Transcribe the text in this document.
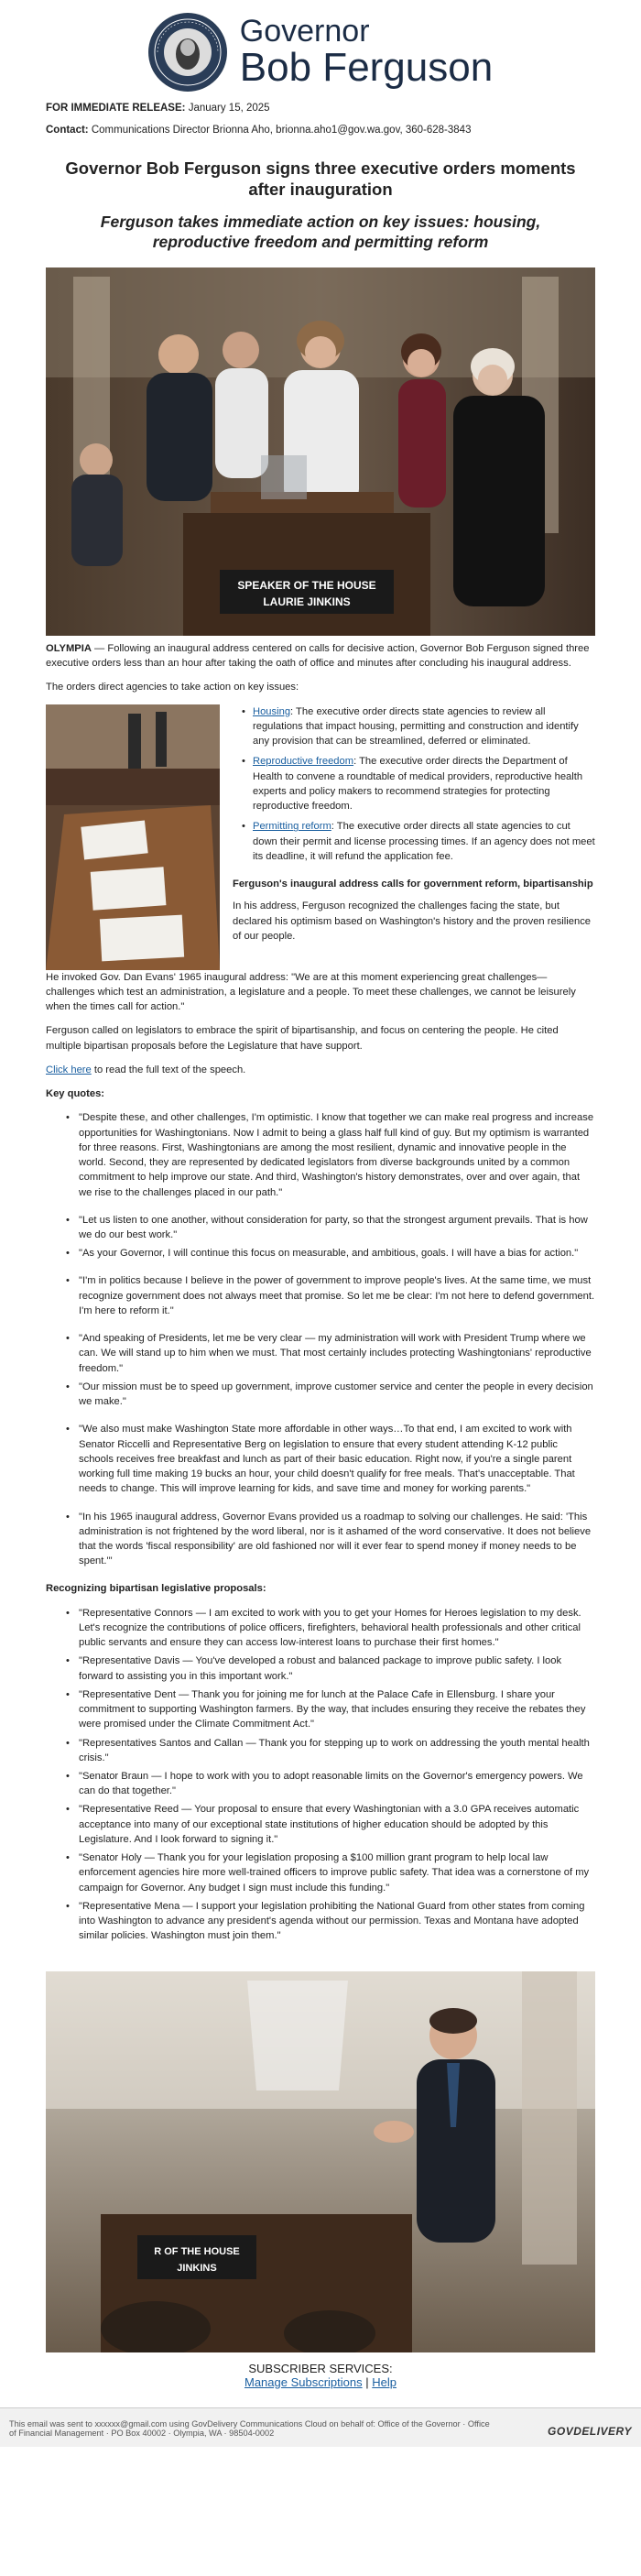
Governor
Bob Ferguson
FOR IMMEDIATE RELEASE: January 15, 2025
Contact: Communications Director Brionna Aho, brionna.aho1@gov.wa.gov, 360-628-3843
Governor Bob Ferguson signs three executive orders moments after inauguration
Ferguson takes immediate action on key issues: housing, reproductive freedom and permitting reform
SPEAKER OF THE HOUSE
LAURIE JINKINS

OLYMPIA — Following an inaugural address centered on calls for decisive action, Governor Bob Ferguson signed three executive orders less than an hour after taking the oath of office and minutes after concluding his inaugural address.

The orders direct agencies to take action on key issues:

• Housing: The executive order directs state agencies to review all regulations that impact housing, permitting and construction and identify any provision that can be streamlined, deferred or eliminated.
• Reproductive freedom: The executive order directs the Department of Health to convene a roundtable of medical providers, reproductive health experts and policy makers to recommend strategies for protecting reproductive freedom.
• Permitting reform: The executive order directs all state agencies to cut down their permit and license processing times. If an agency does not meet its deadline, it will refund the application fee.

Ferguson's inaugural address calls for government reform, bipartisanship

In his address, Ferguson recognized the challenges facing the state, but declared his optimism based on Washington's history and the proven resilience of our people.

He invoked Gov. Dan Evans' 1965 inaugural address: "We are at this moment experiencing great challenges—challenges which test an administration, a legislature and a people. To meet these challenges, we cannot be leisurely when the times call for action."

Ferguson called on legislators to embrace the spirit of bipartisanship, and focus on centering the people. He cited multiple bipartisan proposals before the Legislature that have support.

Click here to read the full text of the speech.

Key quotes:

• "Despite these, and other challenges, I'm optimistic. I know that together we can make real progress and increase opportunities for Washingtonians. Now I admit to being a glass half full kind of guy. But my optimism is warranted for three reasons. First, Washingtonians are among the most resilient, dynamic and innovative people in the world. Second, they are represented by dedicated legislators from diverse backgrounds united by a common commitment to help improve our state. And third, Washington's history demonstrates, over and over again, that we rise to the challenges placed in our path."

• "Let us listen to one another, without consideration for party, so that the strongest argument prevails. That is how we do our best work."

• "As your Governor, I will continue this focus on measurable, and ambitious, goals. I will have a bias for action."

• "I'm in politics because I believe in the power of government to improve people's lives. At the same time, we must recognize government does not always meet that promise. So let me be clear: I'm not here to defend government. I'm here to reform it."

• "And speaking of Presidents, let me be very clear — my administration will work with President Trump where we can. We will stand up to him when we must. That most certainly includes protecting Washingtonians' reproductive freedom."

• "Our mission must be to speed up government, improve customer service and center the people in every decision we make."

• "We also must make Washington State more affordable in other ways…To that end, I am excited to work with Senator Riccelli and Representative Berg on legislation to ensure that every student attending K-12 public schools receives free breakfast and lunch as part of their basic education. Right now, if you're a single parent working full time making 19 bucks an hour, your child doesn't qualify for free meals. That's unacceptable. That needs to change. This will improve learning for kids, and save time and money for working parents."

• "In his 1965 inaugural address, Governor Evans provided us a roadmap to solving our challenges. He said: 'This administration is not frightened by the word liberal, nor is it ashamed of the word conservative. It does not believe that the words 'fiscal responsibility' are old fashioned nor will it ever fear to spend money if money needs to be spent.'"

Recognizing bipartisan legislative proposals:

• "Representative Connors — I am excited to work with you to get your Homes for Heroes legislation to my desk. Let's recognize the contributions of police officers, firefighters, behavioral health professionals and other critical public servants and ensure they can access low-interest loans to purchase their first homes."

• "Representative Davis — You've developed a robust and balanced package to improve public safety. I look forward to assisting you in this important work."

• "Representative Dent — Thank you for joining me for lunch at the Palace Cafe in Ellensburg. I share your commitment to supporting Washington farmers. By the way, that includes ensuring they receive the rebates they were promised under the Climate Commitment Act."

• "Representatives Santos and Callan — Thank you for stepping up to work on addressing the youth mental health crisis."

• "Senator Braun — I hope to work with you to adopt reasonable limits on the Governor's emergency powers. We can do that together."

• "Representative Reed — Your proposal to ensure that every Washingtonian with a 3.0 GPA receives automatic acceptance into many of our exceptional state institutions of higher education should be adopted by this Legislature. And I look forward to signing it."

• "Senator Holy — Thank you for your legislation proposing a $100 million grant program to help local law enforcement agencies hire more well-trained officers to improve public safety. That idea was a cornerstone of my campaign for Governor. Any budget I sign must include this funding."

• "Representative Mena — I support your legislation prohibiting the National Guard from other states from coming into Washington to advance any president's agenda without our permission. Texas and Montana have adopted similar policies. Washington must join them."

R OF THE HOUSE
JINKINS
SUBSCRIBER SERVICES:
Manage Subscriptions | Help
This email was sent to xxxxxx@gmail.com using GovDelivery Communications Cloud on behalf of: Office of the Governor · Office
of Financial Management · PO Box 40002 · Olympia, WA · 98504-0002	GOVDELIVERY
